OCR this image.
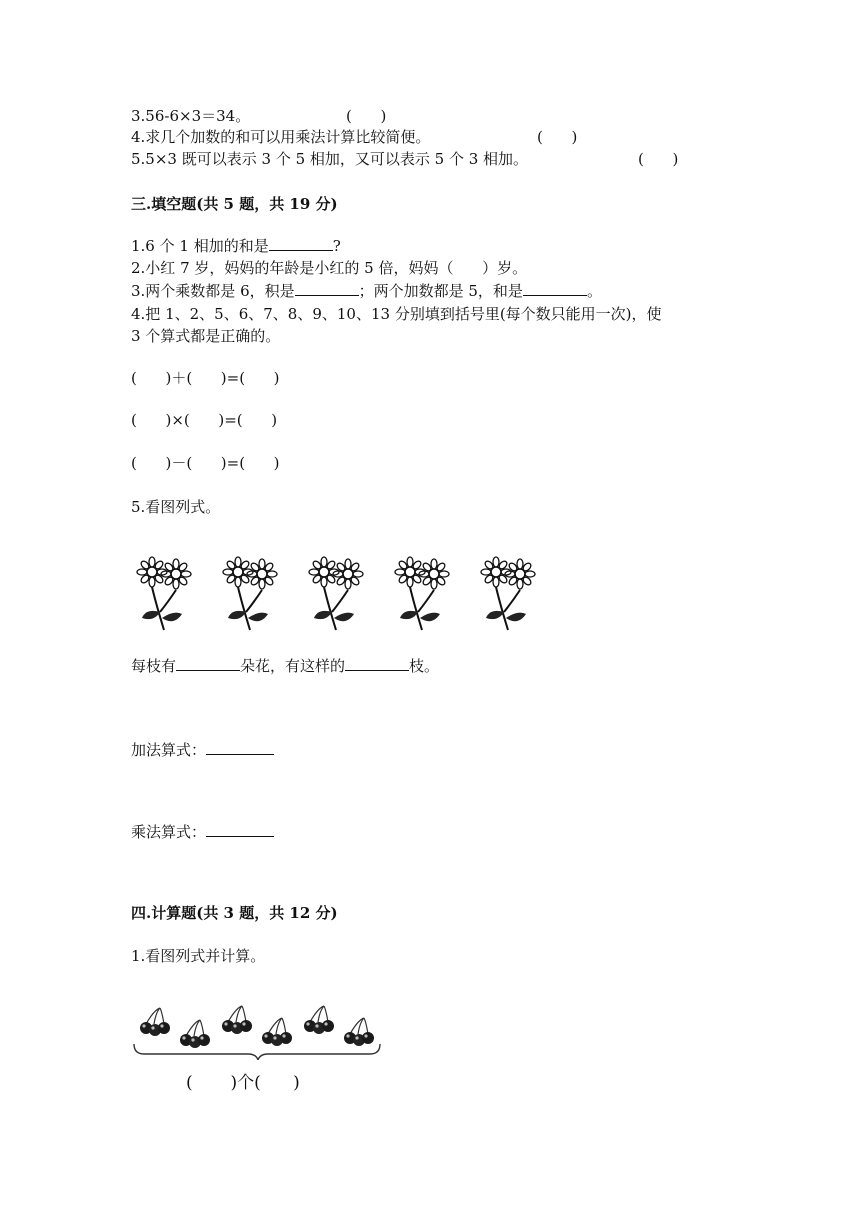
3.56-6×3＝34。	(      )
4.求几个加数的和可以用乘法计算比较简便。	(      )
5.5×3 既可以表示 3 个 5 相加，又可以表示 5 个 3 相加。	(      )
三.填空题(共 5 题，共 19 分)
1.6 个 1 相加的和是	?
2.小红 7 岁，妈妈的年龄是小红的 5 倍，妈妈（      ）岁。
3.两个乘数都是 6，积是	；两个加数都是 5，和是	。
4.把 1、2、5、6、7、8、9、10、13 分别填到括号里(每个数只能用一次)，使
3 个算式都是正确的。
(      )＋(      )=(      )
(      )×(      )=(      )
(      )－(      )=(      )
5.看图列式。
每枝有	朵花，有这样的	枝。
加法算式：
乘法算式：
四.计算题(共 3 题，共 12 分)
1.看图列式并计算。
(       )个(      )
